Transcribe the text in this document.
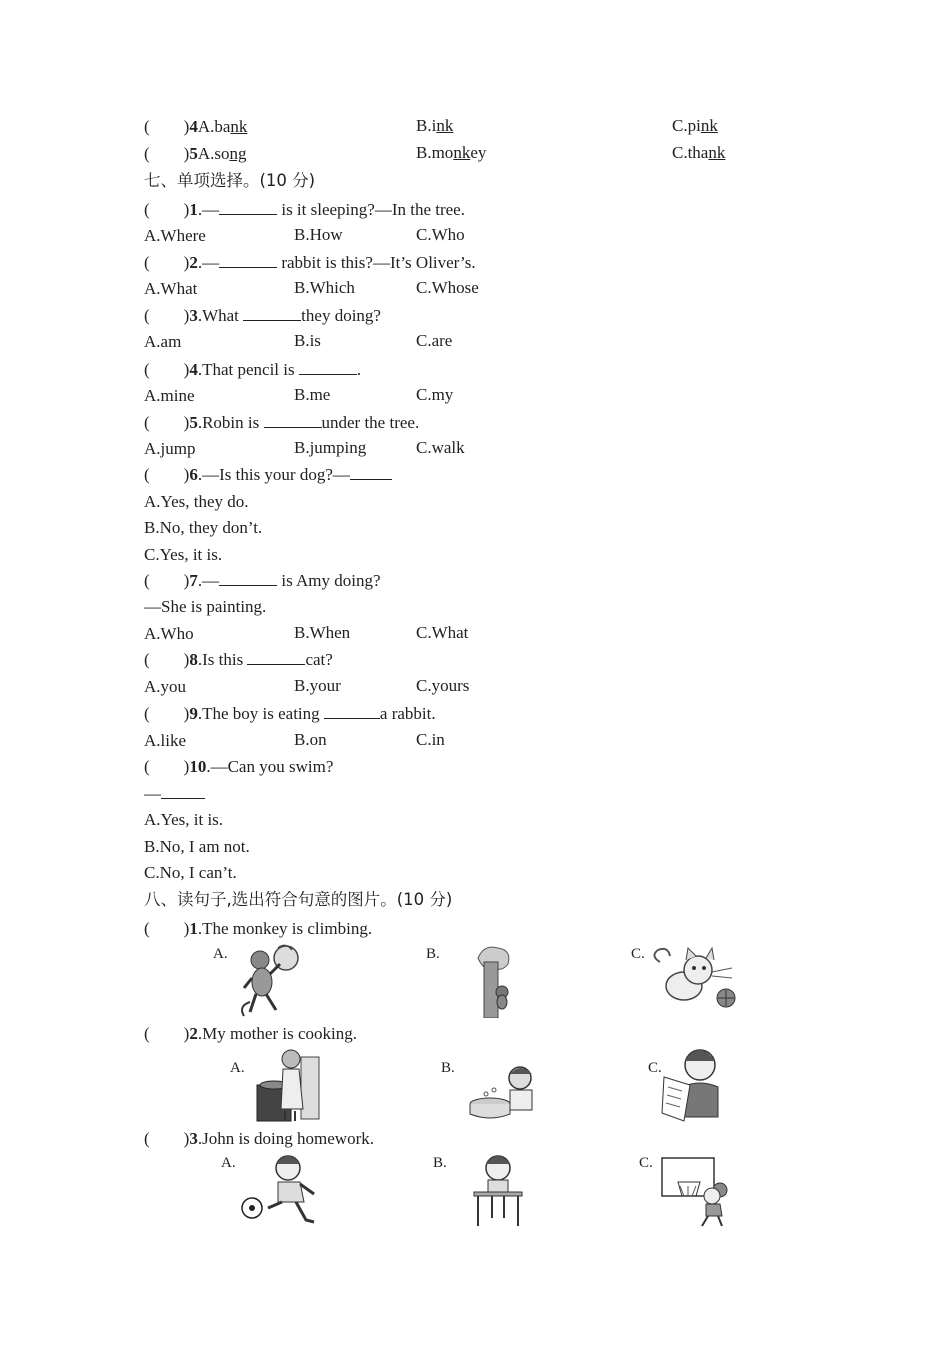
( )4A.bank	B.ink	C.pink
( )5A.song	B.monkey	C.thank
七、单项选择。(10 分)
( )1.—	is it sleeping?—In the tree.
A.Where	B.How	C.Who
( )2.—	rabbit is this?—It’s Oliver’s.
A.What	B.Which	C.Whose
( )3.What	they doing?
A.am	B.is	C.are
( )4.That pencil is	.
A.mine	B.me	C.my
( )5.Robin is	under the tree.
A.jump	B.jumping	C.walk
( )6.—Is this your dog?—
A.Yes, they do.
B.No, they don’t.
C.Yes, it is.
( )7.—	is Amy doing?
—She is painting.
A.Who	B.When	C.What
( )8.Is this	cat?
A.you	B.your	C.yours
( )9.The boy is eating	a rabbit.
A.like	B.on	C.in
( )10.—Can you swim?
—
A.Yes, it is.
B.No, I am not.
C.No, I can’t.
八、读句子,选出符合句意的图片。(10 分)
( )1.The monkey is climbing.
A.	B.	C.
( )2.My mother is cooking.
A.	B.	C.
( )3.John is doing homework.
A.	B.	C.
